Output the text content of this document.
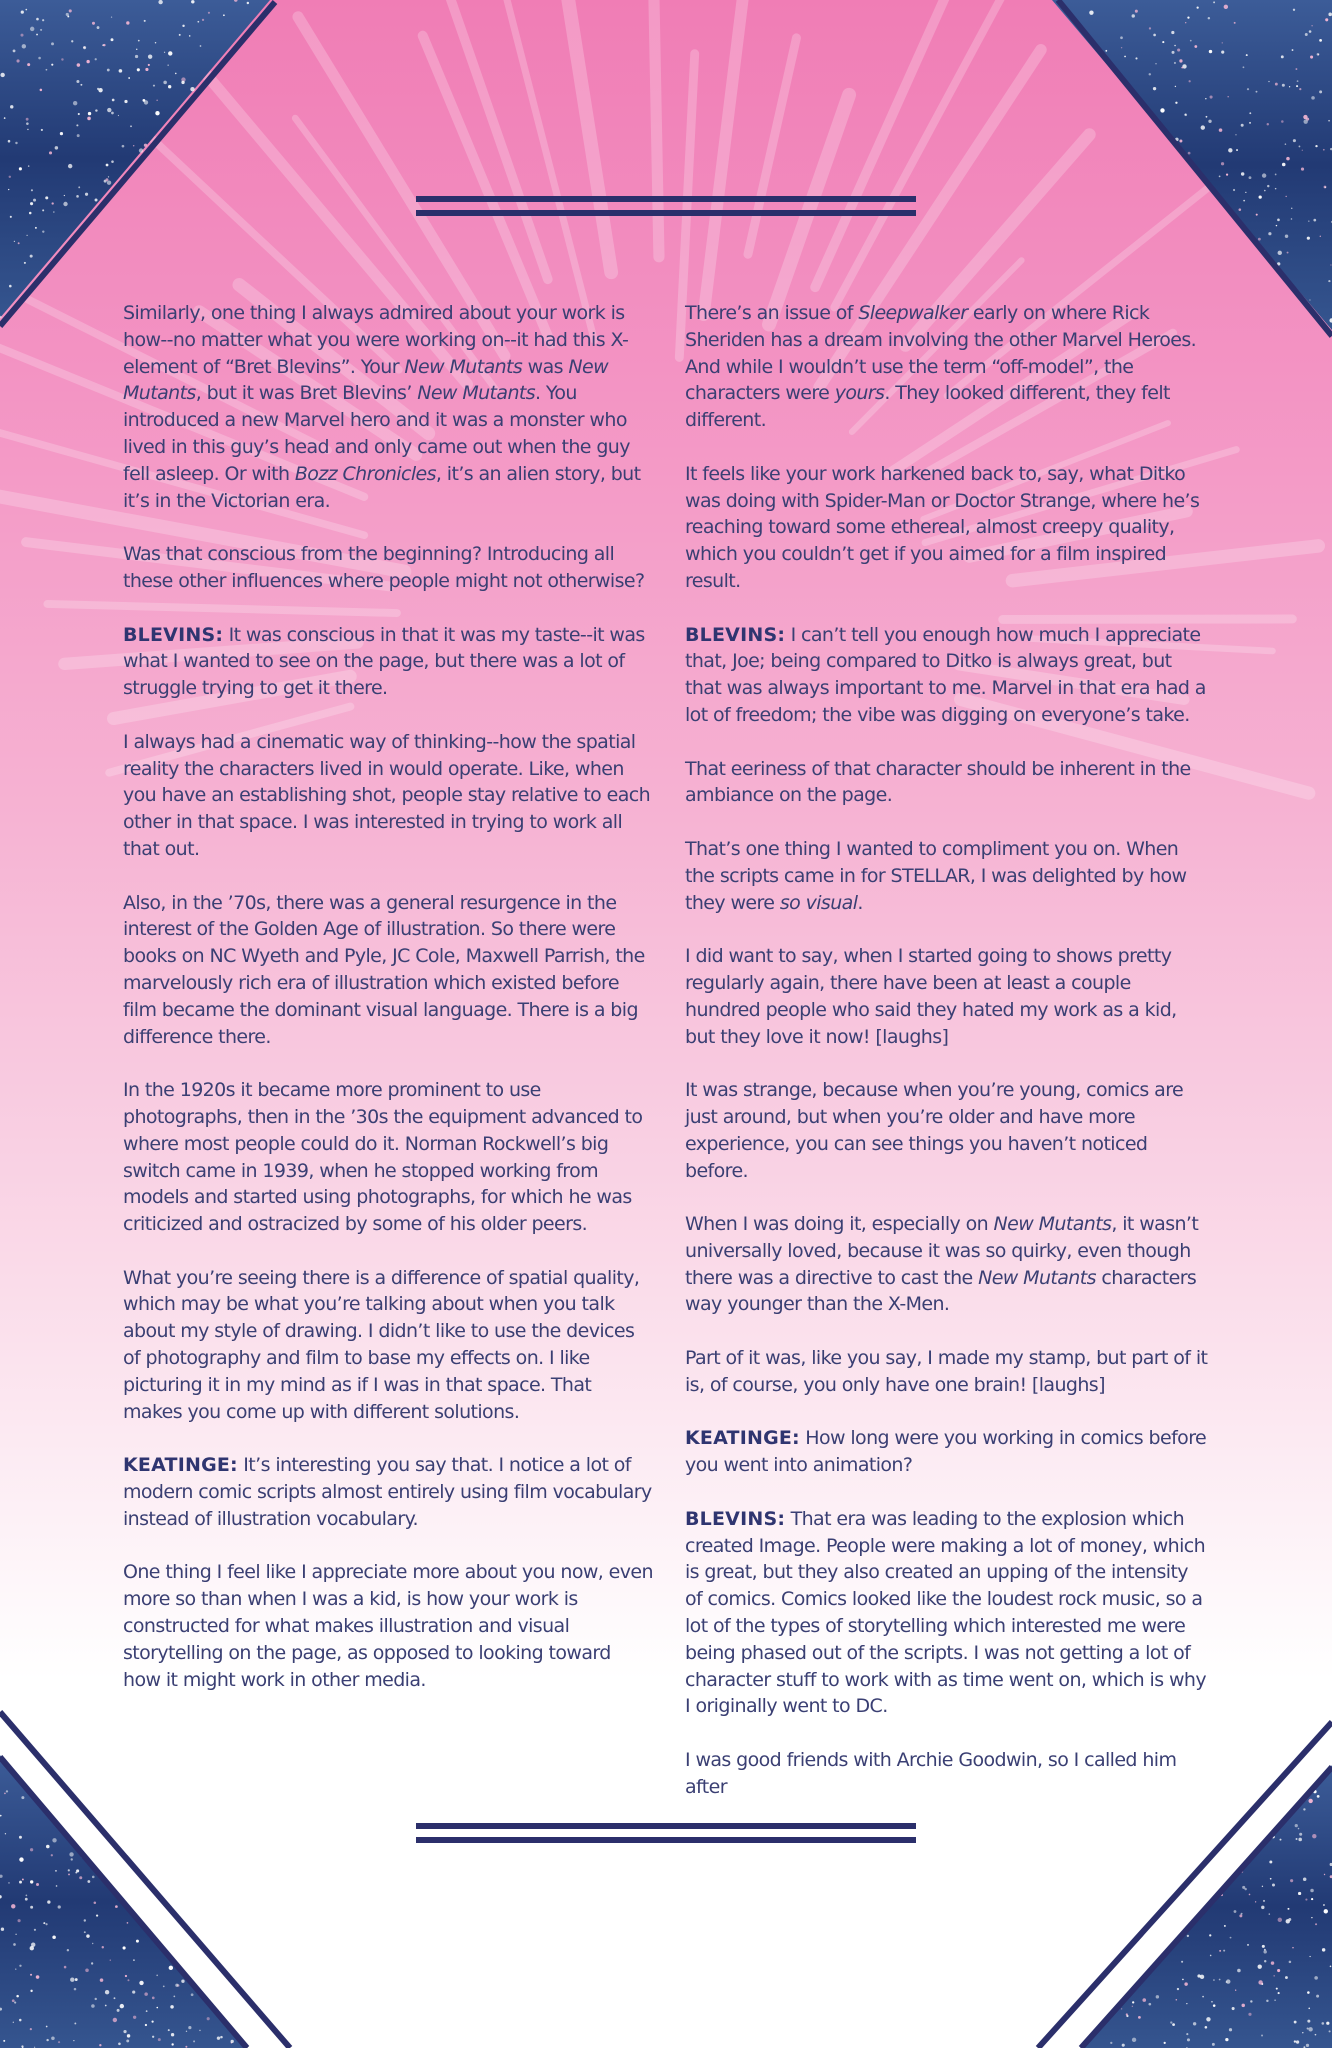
Similarly, one thing I always admired about your work is how--no matter what you were working on--it had this X-element of “Bret Blevins”. Your New Mutants was New Mutants, but it was Bret Blevins’ New Mutants. You introduced a new Marvel hero and it was a monster who lived in this guy’s head and only came out when the guy fell asleep. Or with Bozz Chronicles, it’s an alien story, but it’s in the Victorian era.

Was that conscious from the beginning? Introducing all these other influences where people might not otherwise?

BLEVINS: It was conscious in that it was my taste--it was what I wanted to see on the page, but there was a lot of struggle trying to get it there.

I always had a cinematic way of thinking--how the spatial reality the characters lived in would operate. Like, when you have an establishing shot, people stay relative to each other in that space. I was interested in trying to work all that out.

Also, in the ’70s, there was a general resurgence in the interest of the Golden Age of illustration. So there were books on NC Wyeth and Pyle, JC Cole, Maxwell Parrish, the marvelously rich era of illustration which existed before film became the dominant visual language. There is a big difference there.

In the 1920s it became more prominent to use photographs, then in the ’30s the equipment advanced to where most people could do it. Norman Rockwell’s big switch came in 1939, when he stopped working from models and started using photographs, for which he was criticized and ostracized by some of his older peers.

What you’re seeing there is a difference of spatial quality, which may be what you’re talking about when you talk about my style of drawing. I didn’t like to use the devices of photography and film to base my effects on. I like picturing it in my mind as if I was in that space. That makes you come up with different solutions.

KEATINGE: It’s interesting you say that. I notice a lot of modern comic scripts almost entirely using film vocabulary instead of illustration vocabulary.

One thing I feel like I appreciate more about you now, even more so than when I was a kid, is how your work is constructed for what makes illustration and visual storytelling on the page, as opposed to looking toward how it might work in other media.

There’s an issue of Sleepwalker early on where Rick Sheriden has a dream involving the other Marvel Heroes. And while I wouldn’t use the term “off-model”, the characters were yours. They looked different, they felt different.

It feels like your work harkened back to, say, what Ditko was doing with Spider-Man or Doctor Strange, where he’s reaching toward some ethereal, almost creepy quality, which you couldn’t get if you aimed for a film inspired result.

BLEVINS: I can’t tell you enough how much I appreciate that, Joe; being compared to Ditko is always great, but that was always important to me. Marvel in that era had a lot of freedom; the vibe was digging on everyone’s take.

That eeriness of that character should be inherent in the ambiance on the page.

That’s one thing I wanted to compliment you on. When the scripts came in for STELLAR, I was delighted by how they were so visual.

I did want to say, when I started going to shows pretty regularly again, there have been at least a couple hundred people who said they hated my work as a kid, but they love it now! [laughs]

It was strange, because when you’re young, comics are just around, but when you’re older and have more experience, you can see things you haven’t noticed before.

When I was doing it, especially on New Mutants, it wasn’t universally loved, because it was so quirky, even though there was a directive to cast the New Mutants characters way younger than the X-Men.

Part of it was, like you say, I made my stamp, but part of it is, of course, you only have one brain! [laughs]

KEATINGE: How long were you working in comics before you went into animation?

BLEVINS: That era was leading to the explosion which created Image. People were making a lot of money, which is great, but they also created an upping of the intensity of comics. Comics looked like the loudest rock music, so a lot of the types of storytelling which interested me were being phased out of the scripts. I was not getting a lot of character stuff to work with as time went on, which is why I originally went to DC.

I was good friends with Archie Goodwin, so I called him after
